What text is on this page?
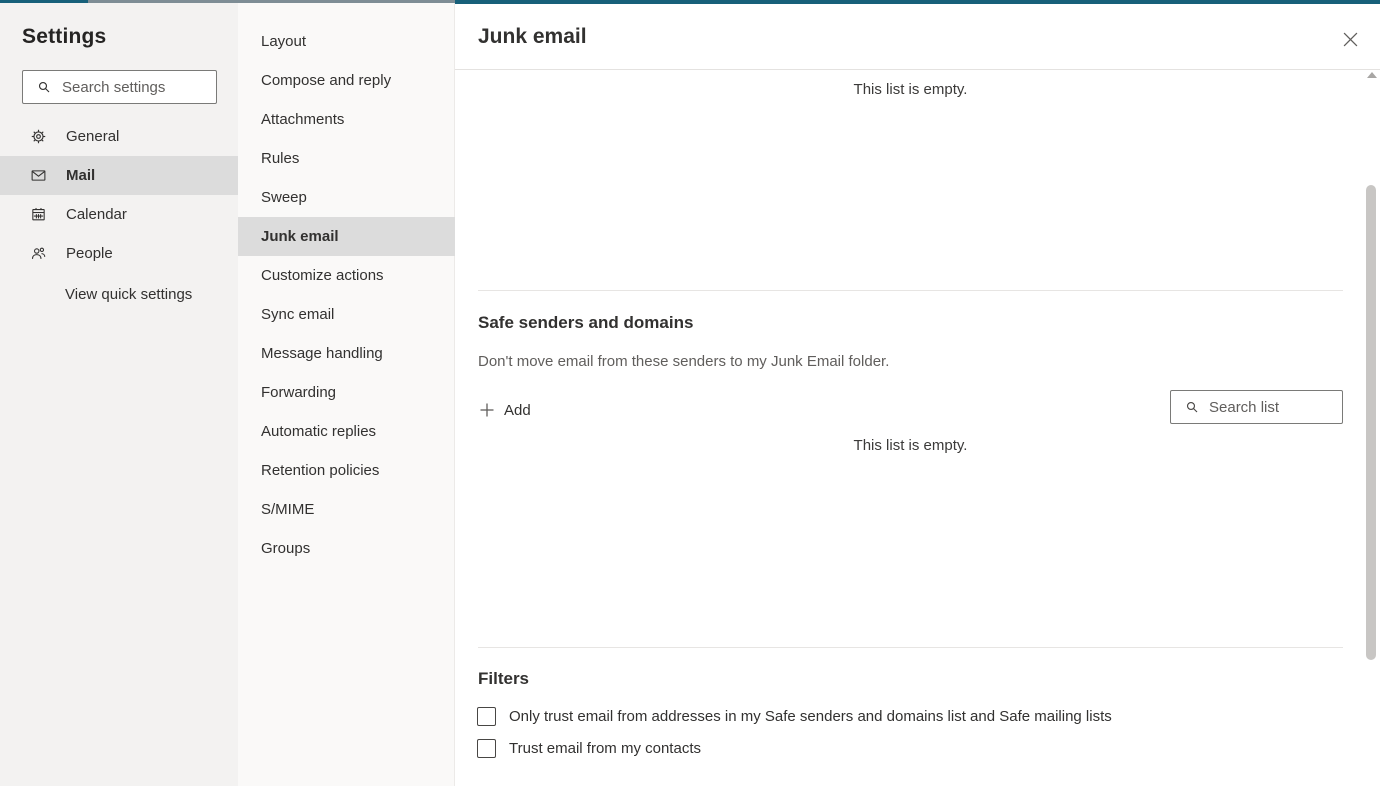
Settings
Search settings
General
Mail
Calendar
People
View quick settings
Layout
Compose and reply
Attachments
Rules
Sweep
Junk email
Customize actions
Sync email
Message handling
Forwarding
Automatic replies
Retention policies
S/MIME
Groups
Junk email
This list is empty.
Safe senders and domains
Don't move email from these senders to my Junk Email folder.
Add
Search list
This list is empty.
Filters
Only trust email from addresses in my Safe senders and domains list and Safe mailing lists
Trust email from my contacts
